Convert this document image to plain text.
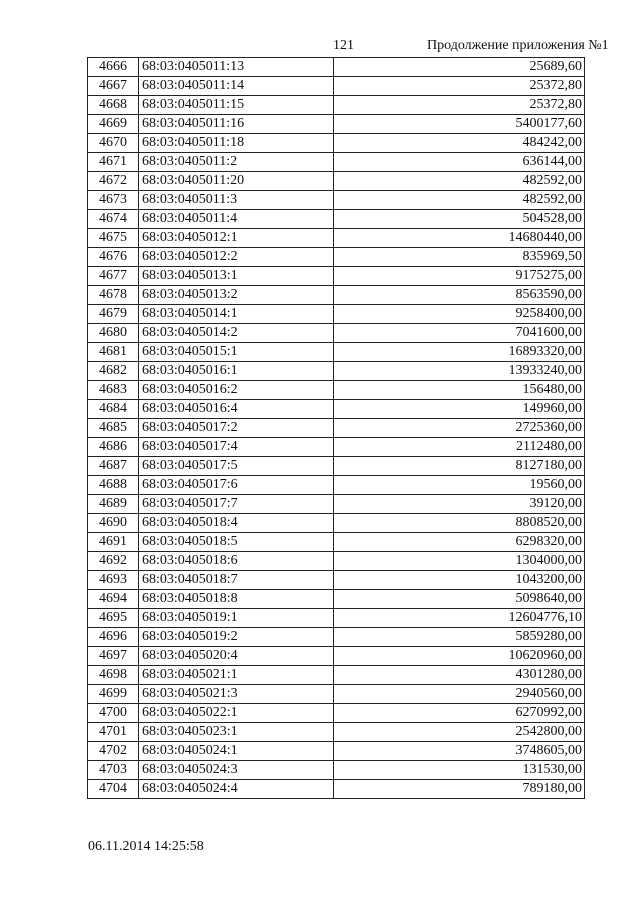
121	Продолжение приложения №1
4666	68:03:0405011:13	25689,60
4667	68:03:0405011:14	25372,80
4668	68:03:0405011:15	25372,80
4669	68:03:0405011:16	5400177,60
4670	68:03:0405011:18	484242,00
4671	68:03:0405011:2	636144,00
4672	68:03:0405011:20	482592,00
4673	68:03:0405011:3	482592,00
4674	68:03:0405011:4	504528,00
4675	68:03:0405012:1	14680440,00
4676	68:03:0405012:2	835969,50
4677	68:03:0405013:1	9175275,00
4678	68:03:0405013:2	8563590,00
4679	68:03:0405014:1	9258400,00
4680	68:03:0405014:2	7041600,00
4681	68:03:0405015:1	16893320,00
4682	68:03:0405016:1	13933240,00
4683	68:03:0405016:2	156480,00
4684	68:03:0405016:4	149960,00
4685	68:03:0405017:2	2725360,00
4686	68:03:0405017:4	2112480,00
4687	68:03:0405017:5	8127180,00
4688	68:03:0405017:6	19560,00
4689	68:03:0405017:7	39120,00
4690	68:03:0405018:4	8808520,00
4691	68:03:0405018:5	6298320,00
4692	68:03:0405018:6	1304000,00
4693	68:03:0405018:7	1043200,00
4694	68:03:0405018:8	5098640,00
4695	68:03:0405019:1	12604776,10
4696	68:03:0405019:2	5859280,00
4697	68:03:0405020:4	10620960,00
4698	68:03:0405021:1	4301280,00
4699	68:03:0405021:3	2940560,00
4700	68:03:0405022:1	6270992,00
4701	68:03:0405023:1	2542800,00
4702	68:03:0405024:1	3748605,00
4703	68:03:0405024:3	131530,00
4704	68:03:0405024:4	789180,00
06.11.2014 14:25:58
